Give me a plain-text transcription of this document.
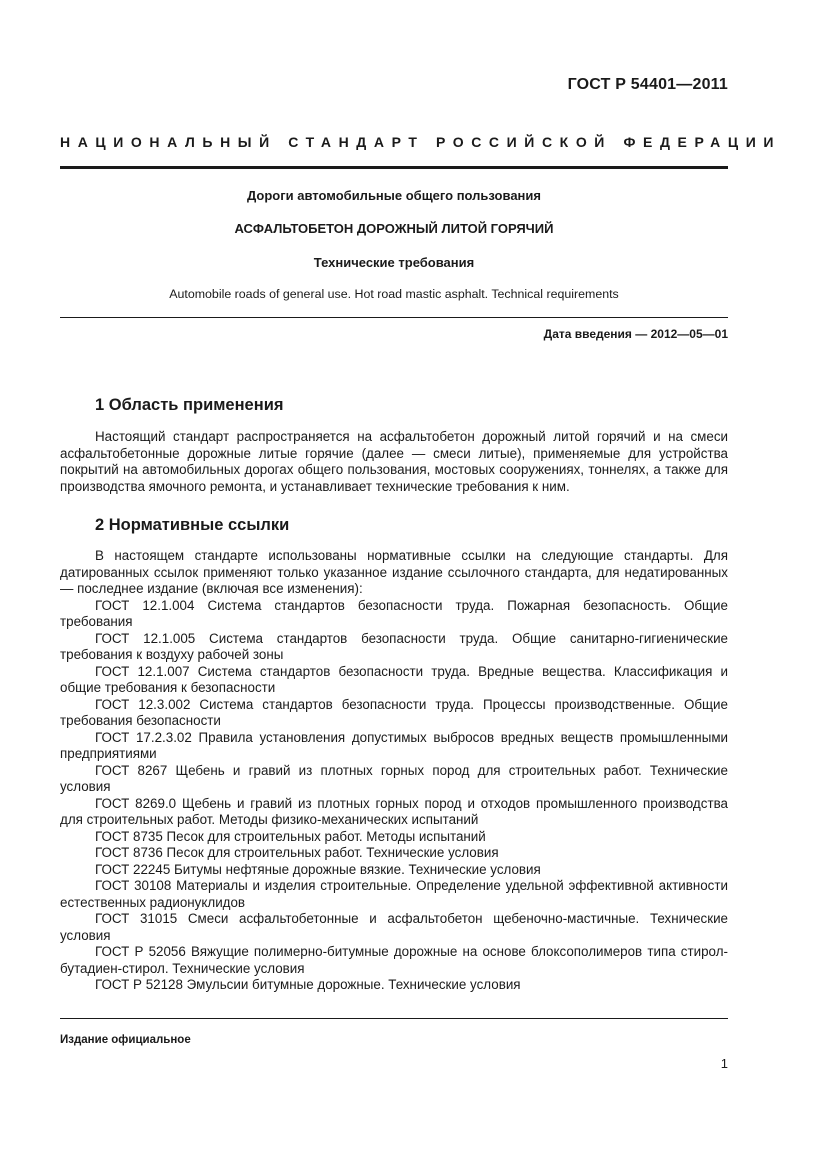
ГОСТ Р 54401—2011
НАЦИОНАЛЬНЫЙ СТАНДАРТ РОССИЙСКОЙ ФЕДЕРАЦИИ
Дороги автомобильные общего пользования
АСФАЛЬТОБЕТОН ДОРОЖНЫЙ ЛИТОЙ ГОРЯЧИЙ
Технические требования
Automobile roads of general use. Hot road mastic asphalt. Technical requirements
Дата введения — 2012—05—01
1 Область применения

Настоящий стандарт распространяется на асфальтобетон дорожный литой горячий и на смеси асфальтобетонные дорожные литые горячие (далее — смеси литые), применяемые для устройства покрытий на автомобильных дорогах общего пользования, мостовых сооружениях, тоннелях, а также для производства ямочного ремонта, и устанавливает технические требования к ним.

2 Нормативные ссылки

В настоящем стандарте использованы нормативные ссылки на следующие стандарты. Для датированных ссылок применяют только указанное издание ссылочного стандарта, для недатированных — последнее издание (включая все изменения):

ГОСТ 12.1.004 Система стандартов безопасности труда. Пожарная безопасность. Общие требования

ГОСТ 12.1.005 Система стандартов безопасности труда. Общие санитарно-гигиенические требования к воздуху рабочей зоны

ГОСТ 12.1.007 Система стандартов безопасности труда. Вредные вещества. Классификация и общие требования к безопасности

ГОСТ 12.3.002 Система стандартов безопасности труда. Процессы производственные. Общие требования безопасности

ГОСТ 17.2.3.02 Правила установления допустимых выбросов вредных веществ промышленными предприятиями

ГОСТ 8267 Щебень и гравий из плотных горных пород для строительных работ. Технические условия

ГОСТ 8269.0 Щебень и гравий из плотных горных пород и отходов промышленного производства для строительных работ. Методы физико-механических испытаний

ГОСТ 8735 Песок для строительных работ. Методы испытаний

ГОСТ 8736 Песок для строительных работ. Технические условия

ГОСТ 22245 Битумы нефтяные дорожные вязкие. Технические условия

ГОСТ 30108 Материалы и изделия строительные. Определение удельной эффективной активности естественных радионуклидов

ГОСТ 31015 Смеси асфальтобетонные и асфальтобетон щебеночно-мастичные. Технические условия

ГОСТ Р 52056 Вяжущие полимерно-битумные дорожные на основе блоксополимеров типа стирол-бутадиен-стирол. Технические условия

ГОСТ Р 52128 Эмульсии битумные дорожные. Технические условия

Издание официальное
1
